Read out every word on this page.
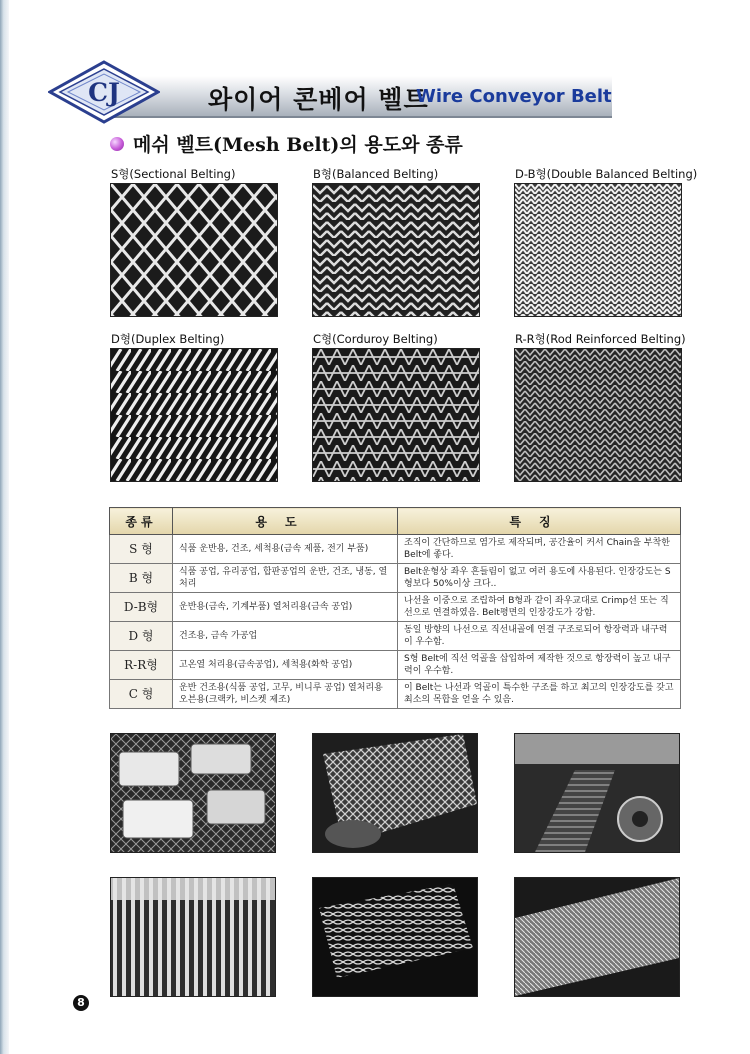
와이어 콘베어 벨트
Wire Conveyor Belt
CJ
메쉬 벨트(Mesh Belt)의 용도와 종류
S형(Sectional Belting)	B형(Balanced Belting)	D-B형(Double Balanced Belting)
D형(Duplex Belting)	C형(Corduroy Belting)	R-R형(Rod Reinforced Belting)
종류	용도	특징
S 형	식품 운반용, 건조, 세척용(금속 제품, 전기 부품)	조직이 간단하므로 염가로 제작되며, 공간율이 커서 Chain을 부착한 Belt에 좋다.
B 형	식품 공업, 유리공업, 합판공업의 운반, 건조, 냉동, 열처리	Belt운형상 좌우 흔들림이 없고 여러 용도에 사용된다. 인장강도는 S형보다 50%이상 크다..
D-B형	운반용(금속, 기계부품) 열처리용(금속 공업)	나선을 이중으로 조립하여 B형과 같이 좌우교대로 Crimp선 또는 직선으로 연결하였음. Belt평면의 인장강도가 강함.
D 형	건조용, 금속 가공업	동일 방향의 나선으로 직선내골에 연결 구조로되어 항장력과 내구력이 우수함.
R-R형	고온열 처리용(금속공업), 세척용(화학 공업)	S형 Belt에 직선 억골을 삽입하여 제작한 것으로 항장력이 높고 내구력이 우수함.
C 형	운반 건조용(식품 공업, 고무, 비니루 공업) 열처리용 오븐용(크랙카, 비스켓 제조)	이 Belt는 나선과 억골이 특수한 구조를 하고 최고의 인장강도를 갖고 최소의 목합을 얻을 수 있음.
8
